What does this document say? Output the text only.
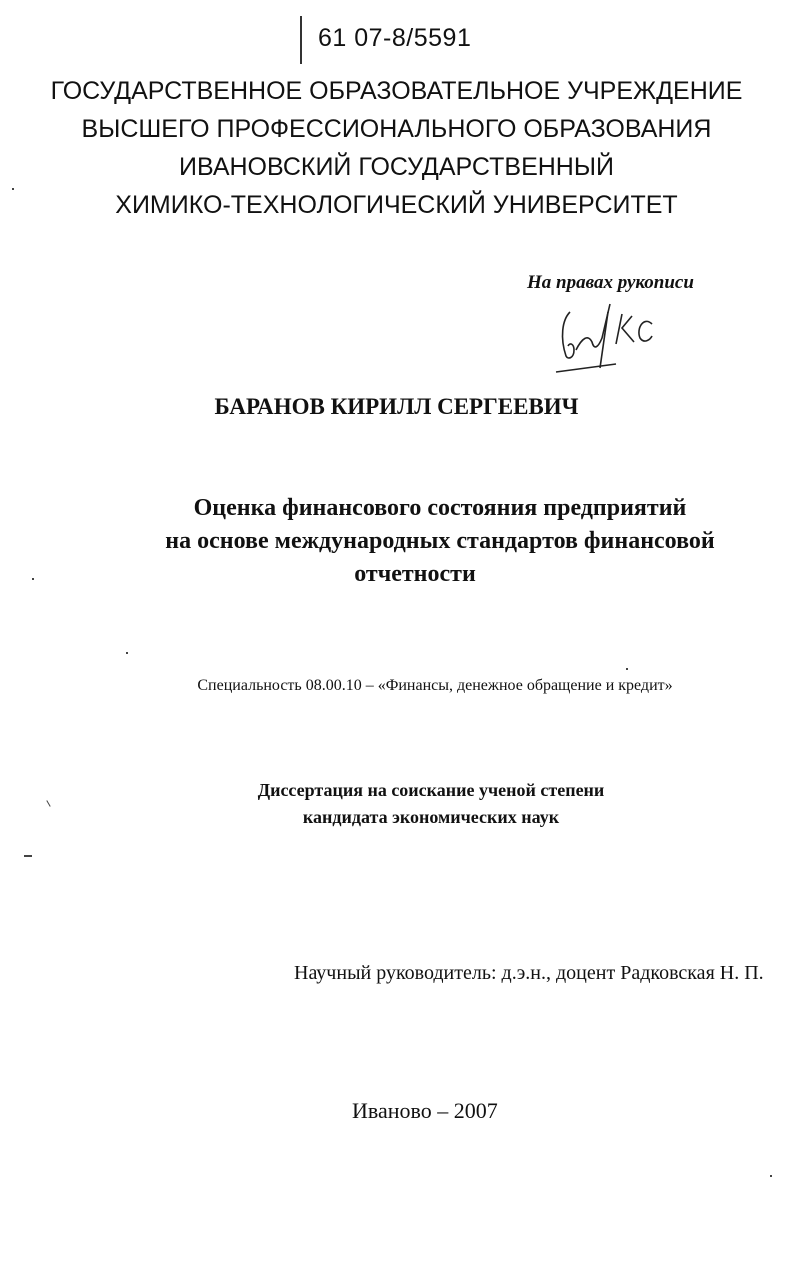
61 07-8/5591
ГОСУДАРСТВЕННОЕ ОБРАЗОВАТЕЛЬНОЕ УЧРЕЖДЕНИЕ
ВЫСШЕГО ПРОФЕССИОНАЛЬНОГО ОБРАЗОВАНИЯ
ИВАНОВСКИЙ ГОСУДАРСТВЕННЫЙ
ХИМИКО-ТЕХНОЛОГИЧЕСКИЙ УНИВЕРСИТЕТ
На правах рукописи
БАРАНОВ КИРИЛЛ СЕРГЕЕВИЧ
Оценка финансового состояния предприятий
на основе международных стандартов финансовой
отчетности
Специальность 08.00.10 – «Финансы, денежное обращение и кредит»
Диссертация на соискание ученой степени
кандидата экономических наук
Научный руководитель: д.э.н., доцент Радковская Н. П.
Иваново – 2007
